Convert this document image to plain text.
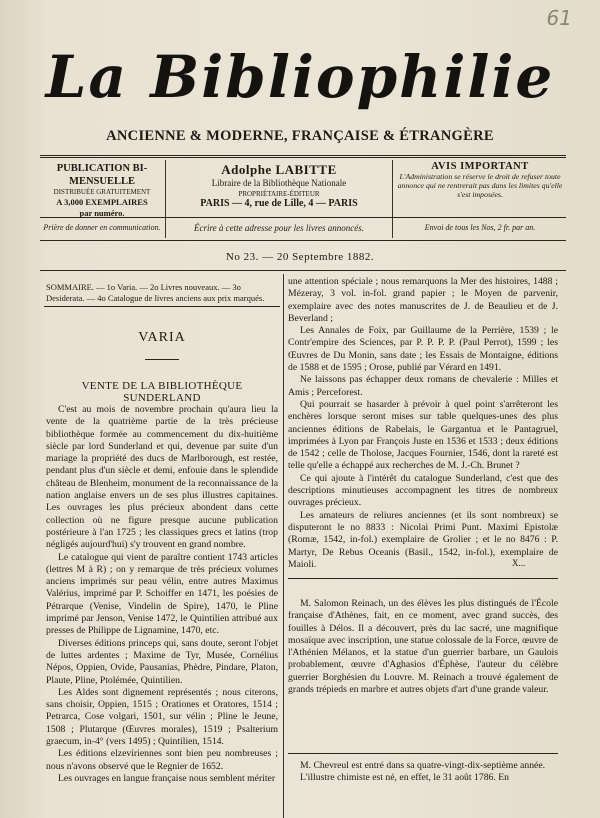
61
La Bibliophilie
ANCIENNE & MODERNE, FRANÇAISE & ÉTRANGÈRE
PUBLICATION BI-MENSUELLE
DISTRIBUÉE GRATUITEMENT
A 3,000 EXEMPLAIRES
par numéro.
Prière de donner en communication.
Adolphe LABITTE
Libraire de la Bibliothèque Nationale
PROPRIÉTAIRE-ÉDITEUR
PARIS — 4, rue de Lille, 4 — PARIS
Écrire à cette adresse pour les livres annoncés.
AVIS IMPORTANT
L'Administration se réserve le droit de refuser toute annonce qui ne rentrerait pas dans les limites qu'elle s'est imposées.
Envoi de tous les Nos, 2 fr. par an.
No 23. — 20 Septembre 1882.
SOMMAIRE. — 1o Varia. — 2o Livres nouveaux. — 3o Desiderata. — 4o Catalogue de livres anciens aux prix marqués.
VARIA
VENTE DE LA BIBLIOTHÈQUE SUNDERLAND

C'est au mois de novembre prochain qu'aura lieu la vente de la quatrième partie de la très précieuse bibliothèque formée au commencement du dix-huitième siècle par lord Sunderland et qui, devenue par suite d'un mariage la propriété des ducs de Marlborough, est restée, pendant plus d'un siècle et demi, enfouie dans le splendide château de Blenheim, monument de la reconnaissance de la nation anglaise envers un de ses plus illustres capitaines. Les ouvrages les plus précieux abondent dans cette collection où ne figure presque aucune publication postérieure à l'an 1725 ; les classiques grecs et latins (trop négligés aujourd'hui) s'y trouvent en grand nombre.

Le catalogue qui vient de paraître contient 1743 articles (lettres M à R) ; on y remarque de très précieux volumes anciens imprimés sur peau vélin, entre autres Maximus Valérius, imprimé par P. Schoiffer en 1471, les poésies de Pétrarque (Venise, Vindelin de Spire), 1470, le Pline imprimé par Jenson, Venise 1472, le Quintilien attribué aux presses de Philippe de Lignamine, 1470, etc.

Diverses éditions princeps qui, sans doute, seront l'objet de luttes ardentes ; Maxime de Tyr, Musée, Cornélius Népos, Oppien, Ovide, Pausanias, Phèdre, Pindare, Platon, Plaute, Pline, Ptolémée, Quintilien.

Les Aldes sont dignement représentés ; nous citerons, sans choisir, Oppien, 1515 ; Orationes et Oratores, 1514 ; Petrarca, Cose volgari, 1501, sur vélin ; Pline le Jeune, 1508 ; Plutarque (Œuvres morales), 1519 ; Psalterium graecum, in-4° (vers 1495) ; Quintilien, 1514.

Les éditions elzeviriennes sont bien peu nombreuses ; nous n'avons observé que le Regnier de 1652.

Les ouvrages en langue française nous semblent mériter

une attention spéciale ; nous remarquons la Mer des histoires, 1488 ; Mézeray, 3 vol. in-fol. grand papier ; le Moyen de parvenir, exemplaire avec des notes manuscrites de J. de Beaulieu et de J. Beverland ;

Les Annales de Foix, par Guillaume de la Perrière, 1539 ; le Contr'empire des Sciences, par P. P. P. P. (Paul Perrot), 1599 ; les Œuvres de Du Monin, sans date ; les Essais de Montaigne, éditions de 1588 et de 1595 ; Orose, publié par Vérard en 1491.

Ne laissons pas échapper deux romans de chevalerie : Milles et Amis ; Perceforest.

Qui pourrait se hasarder à prévoir à quel point s'arrêteront les enchères lorsque seront mises sur table quelques-unes des plus anciennes éditions de Rabelais, le Gargantua et le Pantagruel, imprimées à Lyon par François Juste en 1536 et 1533 ; deux éditions de 1542 ; celle de Tholose, Jacques Fournier, 1546, dont la rareté est telle qu'elle a échappé aux recherches de M. J.-Ch. Brunet ?

Ce qui ajoute à l'intérêt du catalogue Sunderland, c'est que des descriptions minutieuses accompagnent les titres de nombreux ouvrages précieux.

Les amateurs de reliures anciennes (et ils sont nombreux) se disputeront le no 8833 : Nicolai Primi Punt. Maximi Epistolæ (Romæ, 1542, in-fol.) exemplaire de Grolier ; et le no 8476 : P. Martyr, De Rebus Oceanis (Basil., 1542, in-fol.), exemplaire de Maioli.	X...

M. Salomon Reinach, un des élèves les plus distingués de l'École française d'Athènes, fait, en ce moment, avec grand succès, des fouilles à Délos. Il a découvert, près du lac sacré, une magnifique mosaïque avec inscription, une statue colossale de la Force, œuvre de l'Athénien Mélanos, et la statue d'un guerrier barbare, un Gaulois probablement, œuvre d'Aghasios d'Éphèse, l'auteur du célèbre guerrier Borghésien du Louvre. M. Reinach a trouvé également de grands trépieds en marbre et autres objets d'art d'une grande valeur.

M. Chevreul est entré dans sa quatre-vingt-dix-septième année.

L'illustre chimiste est né, en effet, le 31 août 1786. En
